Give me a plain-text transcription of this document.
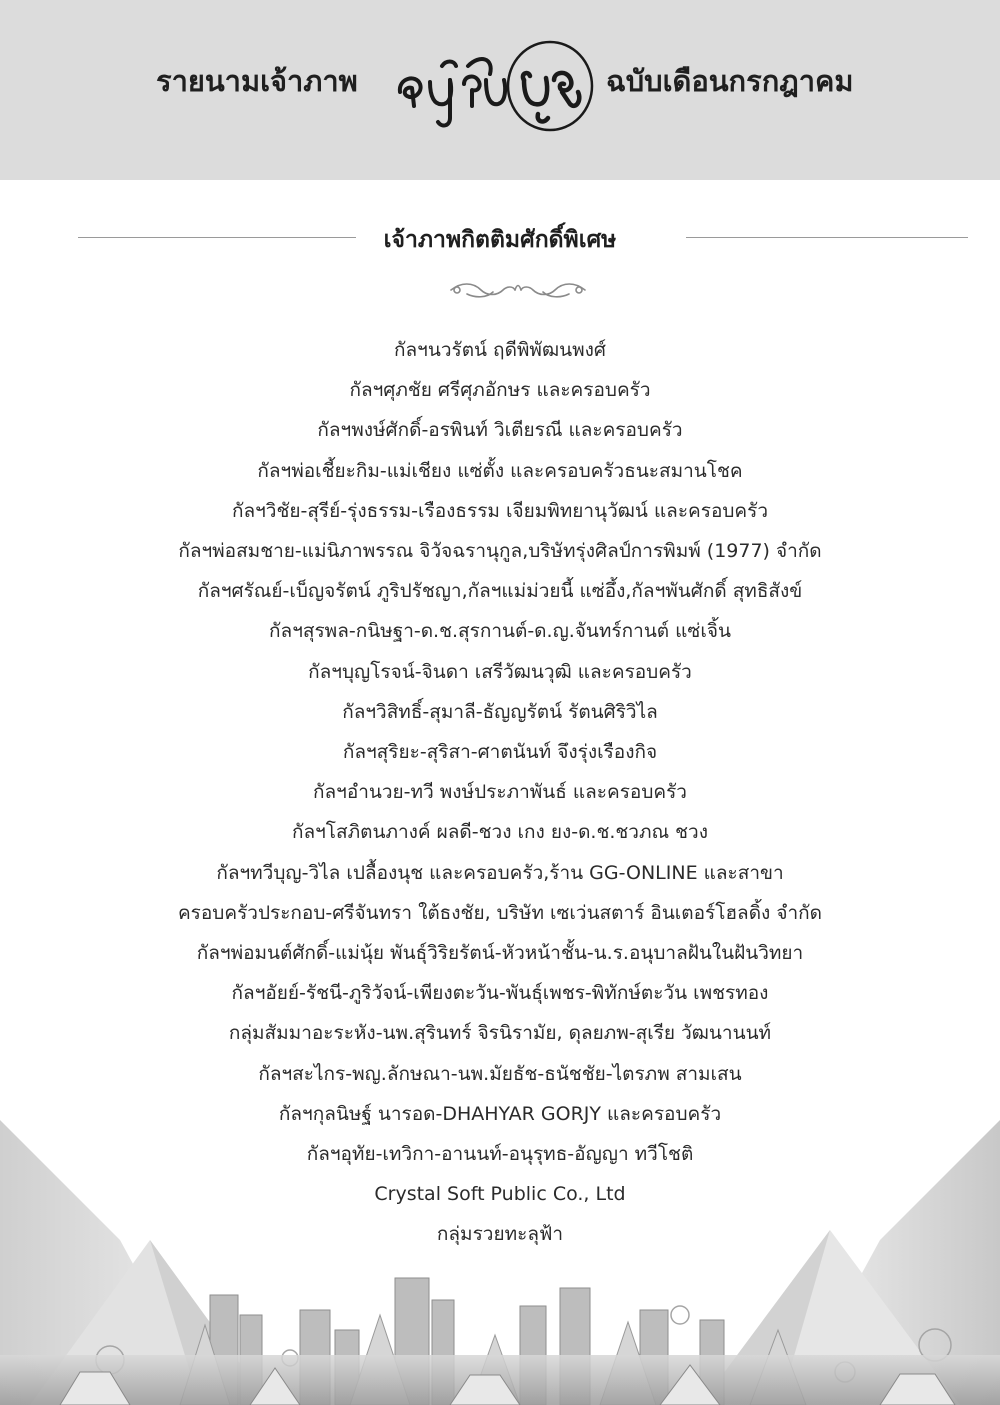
รายนามเจ้าภาพ	ฉบับเดือนกรกฎาคม
เจ้าภาพกิตติมศักดิ์พิเศษ
กัลฯนวรัตน์ ฤดีพิพัฒนพงศ์
กัลฯศุภชัย ศรีศุภอักษร และครอบครัว
กัลฯพงษ์ศักดิ์-อรพินท์ วิเตียรณี และครอบครัว
กัลฯพ่อเชี้ยะกิม-แม่เชียง แซ่ตั้ง และครอบครัวธนะสมานโชค
กัลฯวิชัย-สุรีย์-รุ่งธรรม-เรืองธรรม เจียมพิทยานุวัฒน์ และครอบครัว
กัลฯพ่อสมชาย-แม่นิภาพรรณ จิวัจฉรานุกูล,บริษัทรุ่งศิลป์การพิมพ์ (1977) จำกัด
กัลฯศรัณย์-เบ็ญจรัตน์ ภูริปรัชญา,กัลฯแม่ม่วยนี้ แซ่อึ้ง,กัลฯพันศักดิ์ สุทธิสังข์
กัลฯสุรพล-กนิษฐา-ด.ช.สุรกานต์-ด.ญ.จันทร์กานต์ แซ่เจิ้น
กัลฯบุญโรจน์-จินดา เสรีวัฒนวุฒิ และครอบครัว
กัลฯวิสิทธิ์-สุมาลี-ธัญญรัตน์ รัตนศิริวิไล
กัลฯสุริยะ-สุริสา-ศาตนันท์ จึงรุ่งเรืองกิจ
กัลฯอำนวย-ทวี พงษ์ประภาพันธ์ และครอบครัว
กัลฯโสภิตนภางค์ ผลดี-ชวง เกง ยง-ด.ช.ชวภณ ชวง
กัลฯทวีบุญ-วิไล เปลื้องนุช และครอบครัว,ร้าน GG-ONLINE และสาขา
ครอบครัวประกอบ-ศรีจันทรา ใต้ธงชัย, บริษัท เซเว่นสตาร์ อินเตอร์โฮลดิ้ง จำกัด
กัลฯพ่อมนต์ศักดิ์-แม่นุ้ย พันธุ์วิริยรัตน์-หัวหน้าชั้น-น.ร.อนุบาลฝันในฝันวิทยา
กัลฯอัยย์-รัชนี-ภูริวัจน์-เพียงตะวัน-พันธุ์เพชร-พิทักษ์ตะวัน เพชรทอง
กลุ่มสัมมาอะระหัง-นพ.สุรินทร์ จิรนิรามัย, ดุลยภพ-สุเรีย วัฒนานนท์
กัลฯสะไกร-พญ.ลักษณา-นพ.มัยธัช-ธนัชชัย-ไตรภพ สามเสน
กัลฯกุลนิษฐ์ นารอด-DHAHYAR GORJY และครอบครัว
กัลฯอุทัย-เทวิกา-อานนท์-อนุรุทธ-อัญญา ทวีโชติ
Crystal Soft Public Co., Ltd
กลุ่มรวยทะลุฟ้า
